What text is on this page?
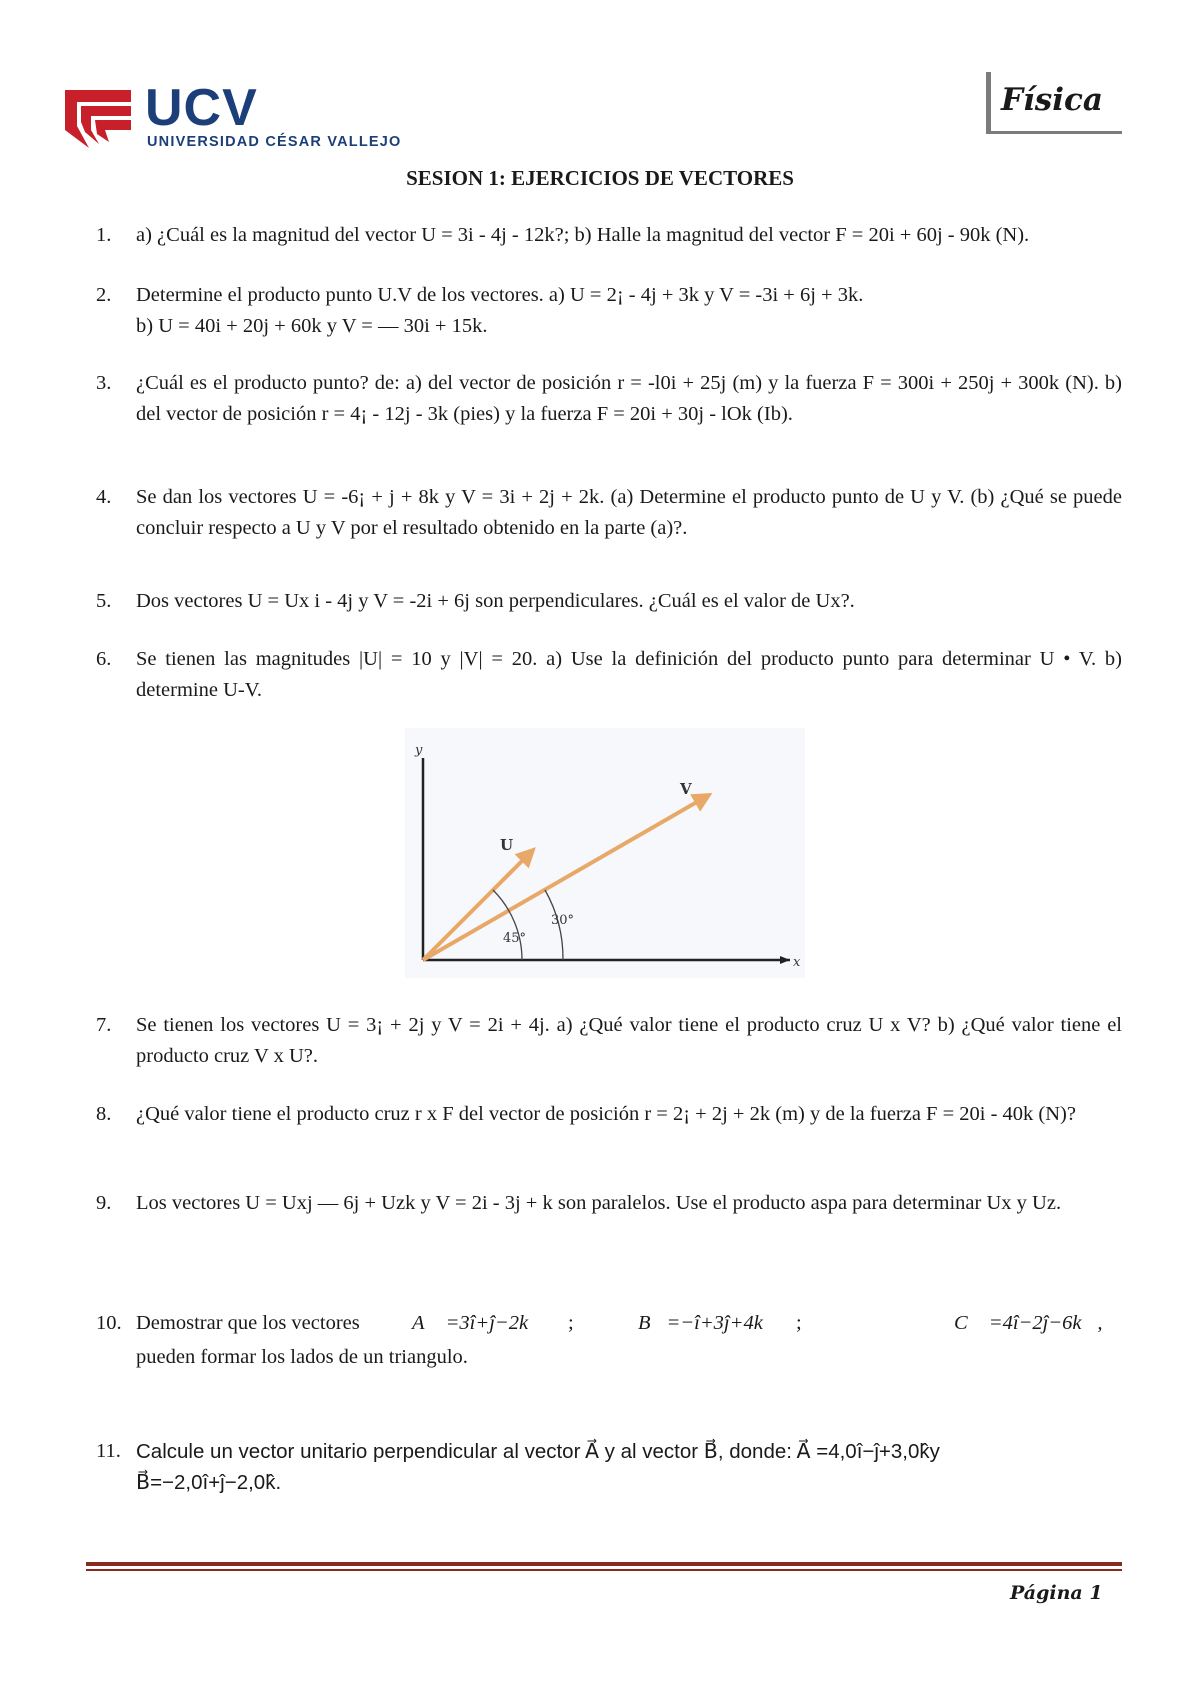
UCV
UNIVERSIDAD CÉSAR VALLEJO
Física
SESION 1: EJERCICIOS DE VECTORES
1.	a) ¿Cuál es la magnitud del vector U = 3i - 4j - 12k?; b) Halle la magnitud del vector F = 20i + 60j - 90k (N).
2.	Determine el producto punto U.V de los vectores. a) U = 2¡ - 4j + 3k y V = -3i + 6j + 3k.
b) U = 40i + 20j + 60k y V = — 30i + 15k.
3.	¿Cuál es el producto punto? de: a) del vector de posición r = -l0i + 25j (m) y la fuerza F = 300i + 250j + 300k (N). b) del vector de posición r = 4¡ - 12j - 3k (pies) y la fuerza F = 20i + 30j - lOk (Ib).
4.	Se dan los vectores U = -6¡ + j + 8k y V = 3i + 2j + 2k. (a) Determine el producto punto de U y V. (b) ¿Qué se puede concluir respecto a U y V por el resultado obtenido en la parte (a)?.
5.	Dos vectores U = Ux i - 4j y V = -2i + 6j son perpendiculares. ¿Cuál es el valor de Ux?.
6.	Se tienen las magnitudes |U| = 10 y |V| = 20. a) Use la definición del producto punto para determinar U • V. b) determine U-V.
7.	Se tienen los vectores U = 3¡ + 2j y V = 2i + 4j. a) ¿Qué valor tiene el producto cruz U x V? b) ¿Qué valor tiene el producto cruz V x U?.
8.	¿Qué valor tiene el producto cruz r x F del vector de posición r = 2¡ + 2j + 2k (m) y de la fuerza F = 20i - 40k (N)?
9.	Los vectores U = Uxj — 6j + Uzk y V = 2i - 3j + k son paralelos. Use el producto aspa para determinar Ux y Uz.
10. Demostrar que los vectores	A⃗ =3î+ĵ−2k⃗ ;	B⃗=−î+3ĵ+4k⃗ ;	C⃗ =4î−2ĵ−6k⃗,
pueden formar los lados de un triangulo.
11. Calcule un vector unitario perpendicular al vector A⃗ y al vector B⃗, donde: A⃗ =4,0î−ĵ+3,0k̂y
B⃗=−2,0î+ĵ−2,0k̂.
y
x
U
V
45°
30°
Página 1
